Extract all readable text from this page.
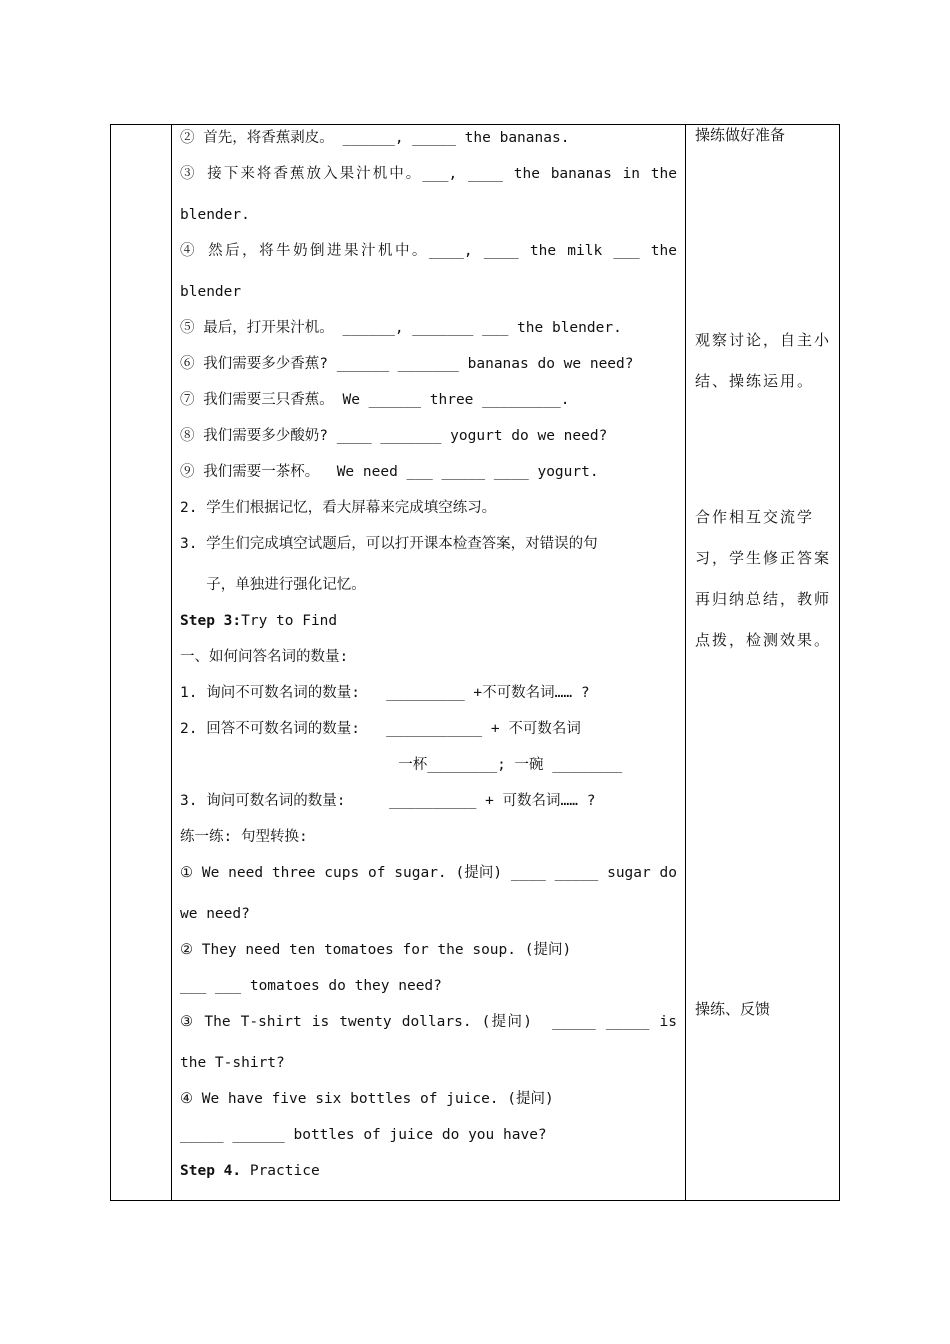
② 首先，将香蕉剥皮。 ______, _____ the bananas.
③ 接下来将香蕉放入果汁机中。___, ____ the bananas in the
blender.
④ 然后，将牛奶倒进果汁机中。____, ____ the milk ___ the
blender
⑤ 最后，打开果汁机。 ______, _______ ___ the blender.
⑥ 我们需要多少香蕉? ______ _______ bananas do we need?
⑦ 我们需要三只香蕉。 We ______ three _________.
⑧ 我们需要多少酸奶? ____ _______ yogurt do we need?
⑨ 我们需要一茶杯。  We need ___ _____ ____ yogurt.
2. 学生们根据记忆，看大屏幕来完成填空练习。
3. 学生们完成填空试题后，可以打开课本检查答案，对错误的句
子，单独进行强化记忆。
Step 3:Try to Find
一、如何问答名词的数量:
1. 询问不可数名词的数量:   _________ +不可数名词…… ?
2. 回答不可数名词的数量:   ___________ + 不可数名词
一杯________; 一碗 ________
3. 询问可数名词的数量:     __________ + 可数名词…… ?
练一练: 句型转换:
① We need three cups of sugar. (提问) ____ _____ sugar do
we need?
② They need ten tomatoes for the soup. (提问)
___ ___ tomatoes do they need?
③ The T-shirt is twenty dollars. (提问)  _____ _____ is
the T-shirt?
④ We have five six bottles of juice. (提问)
_____ ______ bottles of juice do you have?
Step 4. Practice
操练做好准备
观察讨论，自主小结、操练运用。
合作相互交流学习，学生修正答案再归纳总结，教师点拨，检测效果。
操练、反馈
